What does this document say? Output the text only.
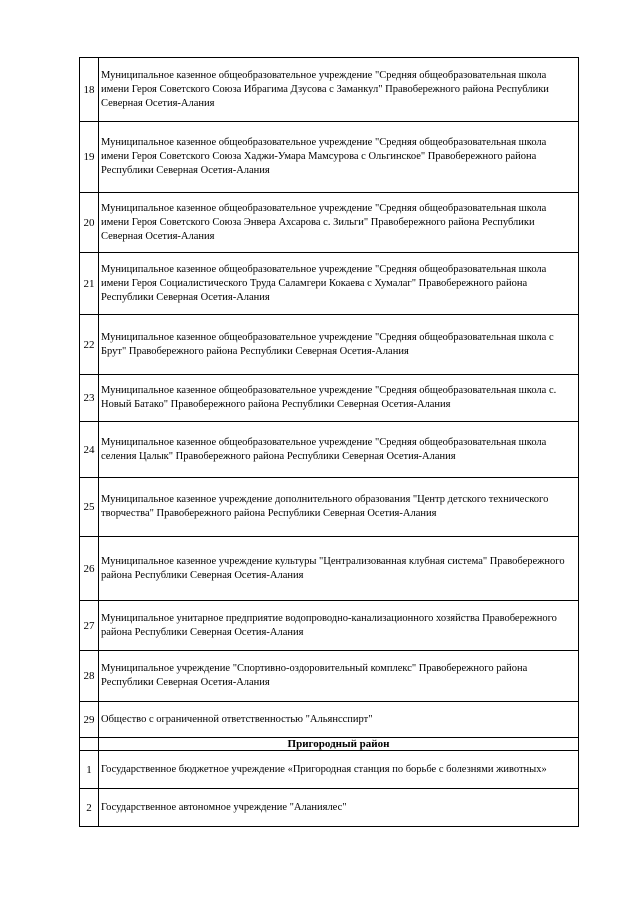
18	Муниципальное казенное общеобразовательное учреждение "Средняя общеобразовательная школа имени Героя Советского Союза Ибрагима Дзусова с Заманкул" Правобережного района Республики Северная Осетия-Алания
19	Муниципальное казенное общеобразовательное учреждение "Средняя общеобразовательная школа имени Героя Советского Союза Хаджи-Умара Мамсурова с Ольгинское" Правобережного района Республики Северная Осетия-Алания
20	Муниципальное казенное общеобразовательное учреждение "Средняя общеобразовательная школа имени Героя Советского Союза Энвера Ахсарова с. Зильги" Правобережного района Республики Северная Осетия-Алания
21	Муниципальное казенное общеобразовательное учреждение "Средняя общеобразовательная школа имени Героя Социалистического Труда Саламгери Кокаева с Хумалаг" Правобережного района Республики Северная Осетия-Алания
22	Муниципальное казенное общеобразовательное учреждение "Средняя общеобразовательная школа с Брут" Правобережного района Республики Северная Осетия-Алания
23	Муниципальное казенное общеобразовательное учреждение "Средняя общеобразовательная школа с. Новый Батако" Правобережного района Республики Северная Осетия-Алания
24	Муниципальное казенное общеобразовательное учреждение "Средняя общеобразовательная школа селения Цалык" Правобережного района Республики Северная Осетия-Алания
25	Муниципальное казенное учреждение дополнительного образования "Центр детского технического творчества" Правобережного района Республики Северная Осетия-Алания
26	Муниципальное казенное учреждение культуры "Централизованная клубная система" Правобережного района Республики Северная Осетия-Алания
27	Муниципальное унитарное предприятие водопроводно-канализационного хозяйства Правобережного района Республики Северная Осетия-Алания
28	Муниципальное учреждение "Спортивно-оздоровительный комплекс" Правобережного района Республики Северная Осетия-Алания
29	Общество с ограниченной ответственностью "Альянсспирт"
	Пригородный район
1	Государственное бюджетное учреждение «Пригородная станция по борьбе с болезнями животных»
2	Государственное автономное учреждение "Аланиялес"
